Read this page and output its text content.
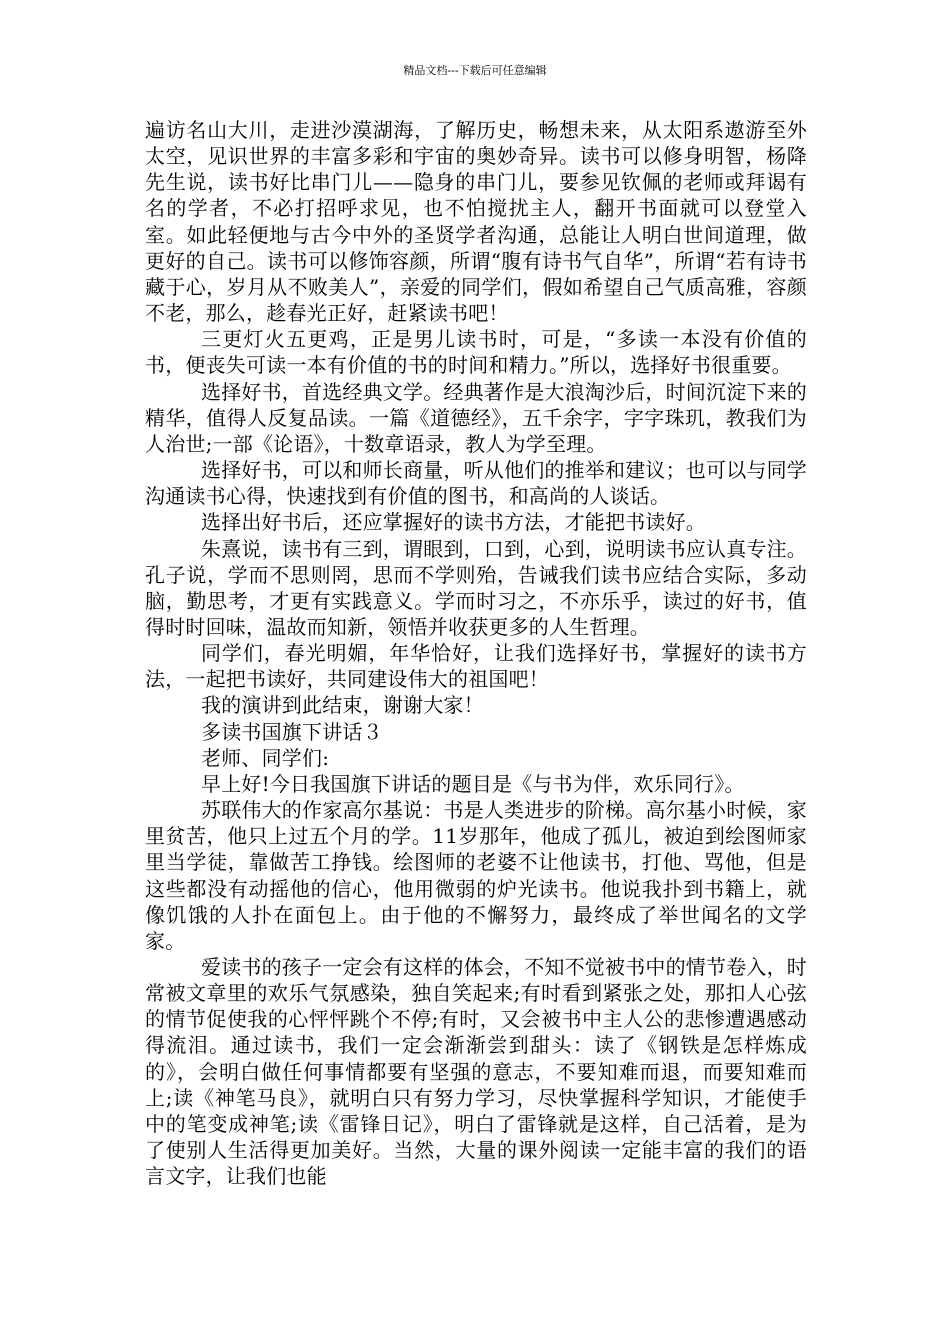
精品文档---下载后可任意编辑

遍访名山大川，走进沙漠湖海，了解历史，畅想未来，从太阳系遨游至外太空，见识世界的丰富多彩和宇宙的奥妙奇异。读书可以修身明智，杨降先生说，读书好比串门儿——隐身的串门儿，要参见钦佩的老师或拜谒有名的学者，不必打招呼求见，也不怕搅扰主人，翻开书面就可以登堂入室。如此轻便地与古今中外的圣贤学者沟通，总能让人明白世间道理，做更好的自己。读书可以修饰容颜，所谓“腹有诗书气自华”，所谓“若有诗书藏于心，岁月从不败美人”，亲爱的同学们，假如希望自己气质高雅，容颜不老，那么，趁春光正好，赶紧读书吧！

三更灯火五更鸡，正是男儿读书时，可是，“多读一本没有价值的书，便丧失可读一本有价值的书的时间和精力。”所以，选择好书很重要。

选择好书，首选经典文学。经典著作是大浪淘沙后，时间沉淀下来的精华，值得人反复品读。一篇《道德经》，五千余字，字字珠玑，教我们为人治世;一部《论语》，十数章语录，教人为学至理。

选择好书，可以和师长商量，听从他们的推举和建议；也可以与同学沟通读书心得，快速找到有价值的图书，和高尚的人谈话。

选择出好书后，还应掌握好的读书方法，才能把书读好。

朱熹说，读书有三到，谓眼到，口到，心到，说明读书应认真专注。孔子说，学而不思则罔，思而不学则殆，告诫我们读书应结合实际，多动脑，勤思考，才更有实践意义。学而时习之，不亦乐乎，读过的好书，值得时时回味，温故而知新，领悟并收获更多的人生哲理。

同学们，春光明媚，年华恰好，让我们选择好书，掌握好的读书方法，一起把书读好，共同建设伟大的祖国吧！

我的演讲到此结束，谢谢大家！

多读书国旗下讲话３

老师、同学们:

早上好!今日我国旗下讲话的题目是《与书为伴，欢乐同行》。

苏联伟大的作家高尔基说：书是人类进步的阶梯。高尔基小时候，家里贫苦，他只上过五个月的学。11岁那年，他成了孤儿，被迫到绘图师家里当学徒，靠做苦工挣钱。绘图师的老婆不让他读书，打他、骂他，但是这些都没有动摇他的信心，他用微弱的炉光读书。他说我扑到书籍上，就像饥饿的人扑在面包上。由于他的不懈努力，最终成了举世闻名的文学家。

爱读书的孩子一定会有这样的体会，不知不觉被书中的情节卷入，时常被文章里的欢乐气氛感染，独自笑起来;有时看到紧张之处，那扣人心弦的情节促使我的心怦怦跳个不停;有时，又会被书中主人公的悲惨遭遇感动得流泪。通过读书，我们一定会渐渐尝到甜头：读了《钢铁是怎样炼成的》，会明白做任何事情都要有坚强的意志，不要知难而退，而要知难而上;读《神笔马良》，就明白只有努力学习，尽快掌握科学知识，才能使手中的笔变成神笔;读《雷锋日记》，明白了雷锋就是这样，自己活着，是为了使别人生活得更加美好。当然，大量的课外阅读一定能丰富的我们的语言文字，让我们也能
